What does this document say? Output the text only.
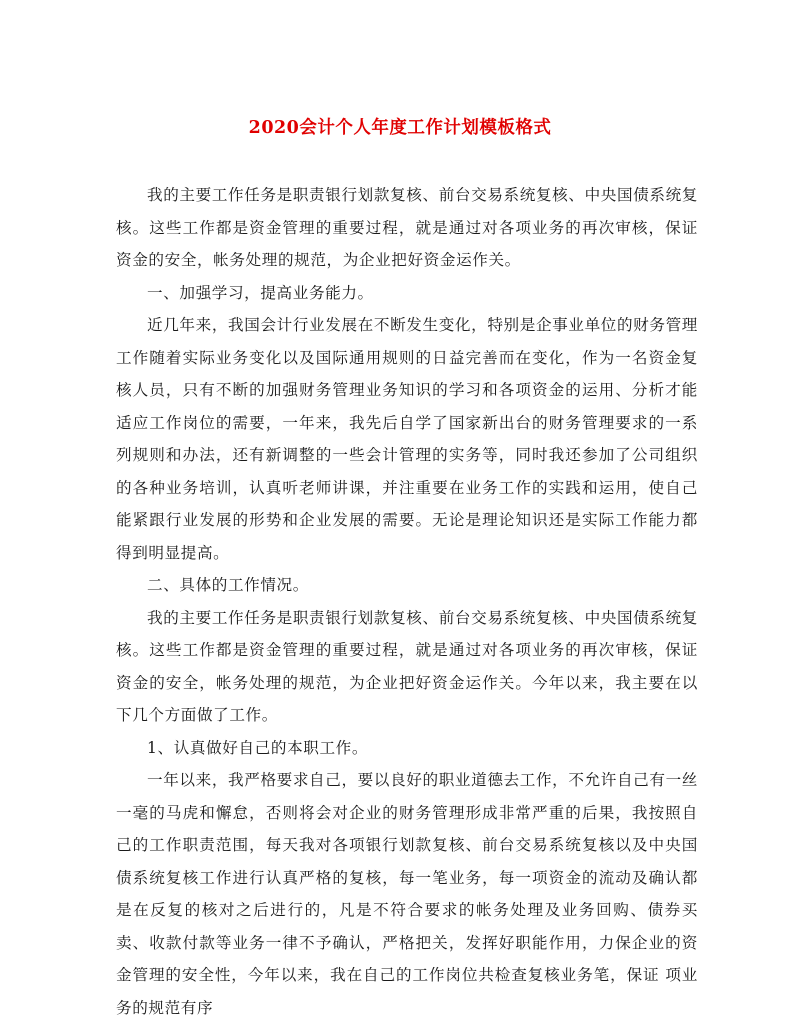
2020会计个人年度工作计划模板格式

我的主要工作任务是职责银行划款复核、前台交易系统复核、中央国债系统复核。这些工作都是资金管理的重要过程，就是通过对各项业务的再次审核，保证资金的安全，帐务处理的规范，为企业把好资金运作关。

一、加强学习，提高业务能力。

近几年来，我国会计行业发展在不断发生变化，特别是企事业单位的财务管理工作随着实际业务变化以及国际通用规则的日益完善而在变化，作为一名资金复核人员，只有不断的加强财务管理业务知识的学习和各项资金的运用、分析才能适应工作岗位的需要，一年来，我先后自学了国家新出台的财务管理要求的一系列规则和办法，还有新调整的一些会计管理的实务等，同时我还参加了公司组织的各种业务培训，认真听老师讲课，并注重要在业务工作的实践和运用，使自己能紧跟行业发展的形势和企业发展的需要。无论是理论知识还是实际工作能力都得到明显提高。

二、具体的工作情况。

我的主要工作任务是职责银行划款复核、前台交易系统复核、中央国债系统复核。这些工作都是资金管理的重要过程，就是通过对各项业务的再次审核，保证资金的安全，帐务处理的规范，为企业把好资金运作关。今年以来，我主要在以下几个方面做了工作。

1、认真做好自己的本职工作。

一年以来，我严格要求自己，要以良好的职业道德去工作，不允许自己有一丝一毫的马虎和懈怠，否则将会对企业的财务管理形成非常严重的后果，我按照自己的工作职责范围，每天我对各项银行划款复核、前台交易系统复核以及中央国债系统复核工作进行认真严格的复核，每一笔业务，每一项资金的流动及确认都是在反复的核对之后进行的，凡是不符合要求的帐务处理及业务回购、债券买卖、收款付款等业务一律不予确认，严格把关，发挥好职能作用，力保企业的资金管理的安全性，今年以来，我在自己的工作岗位共检查复核业务笔，保证 项业务的规范有序
